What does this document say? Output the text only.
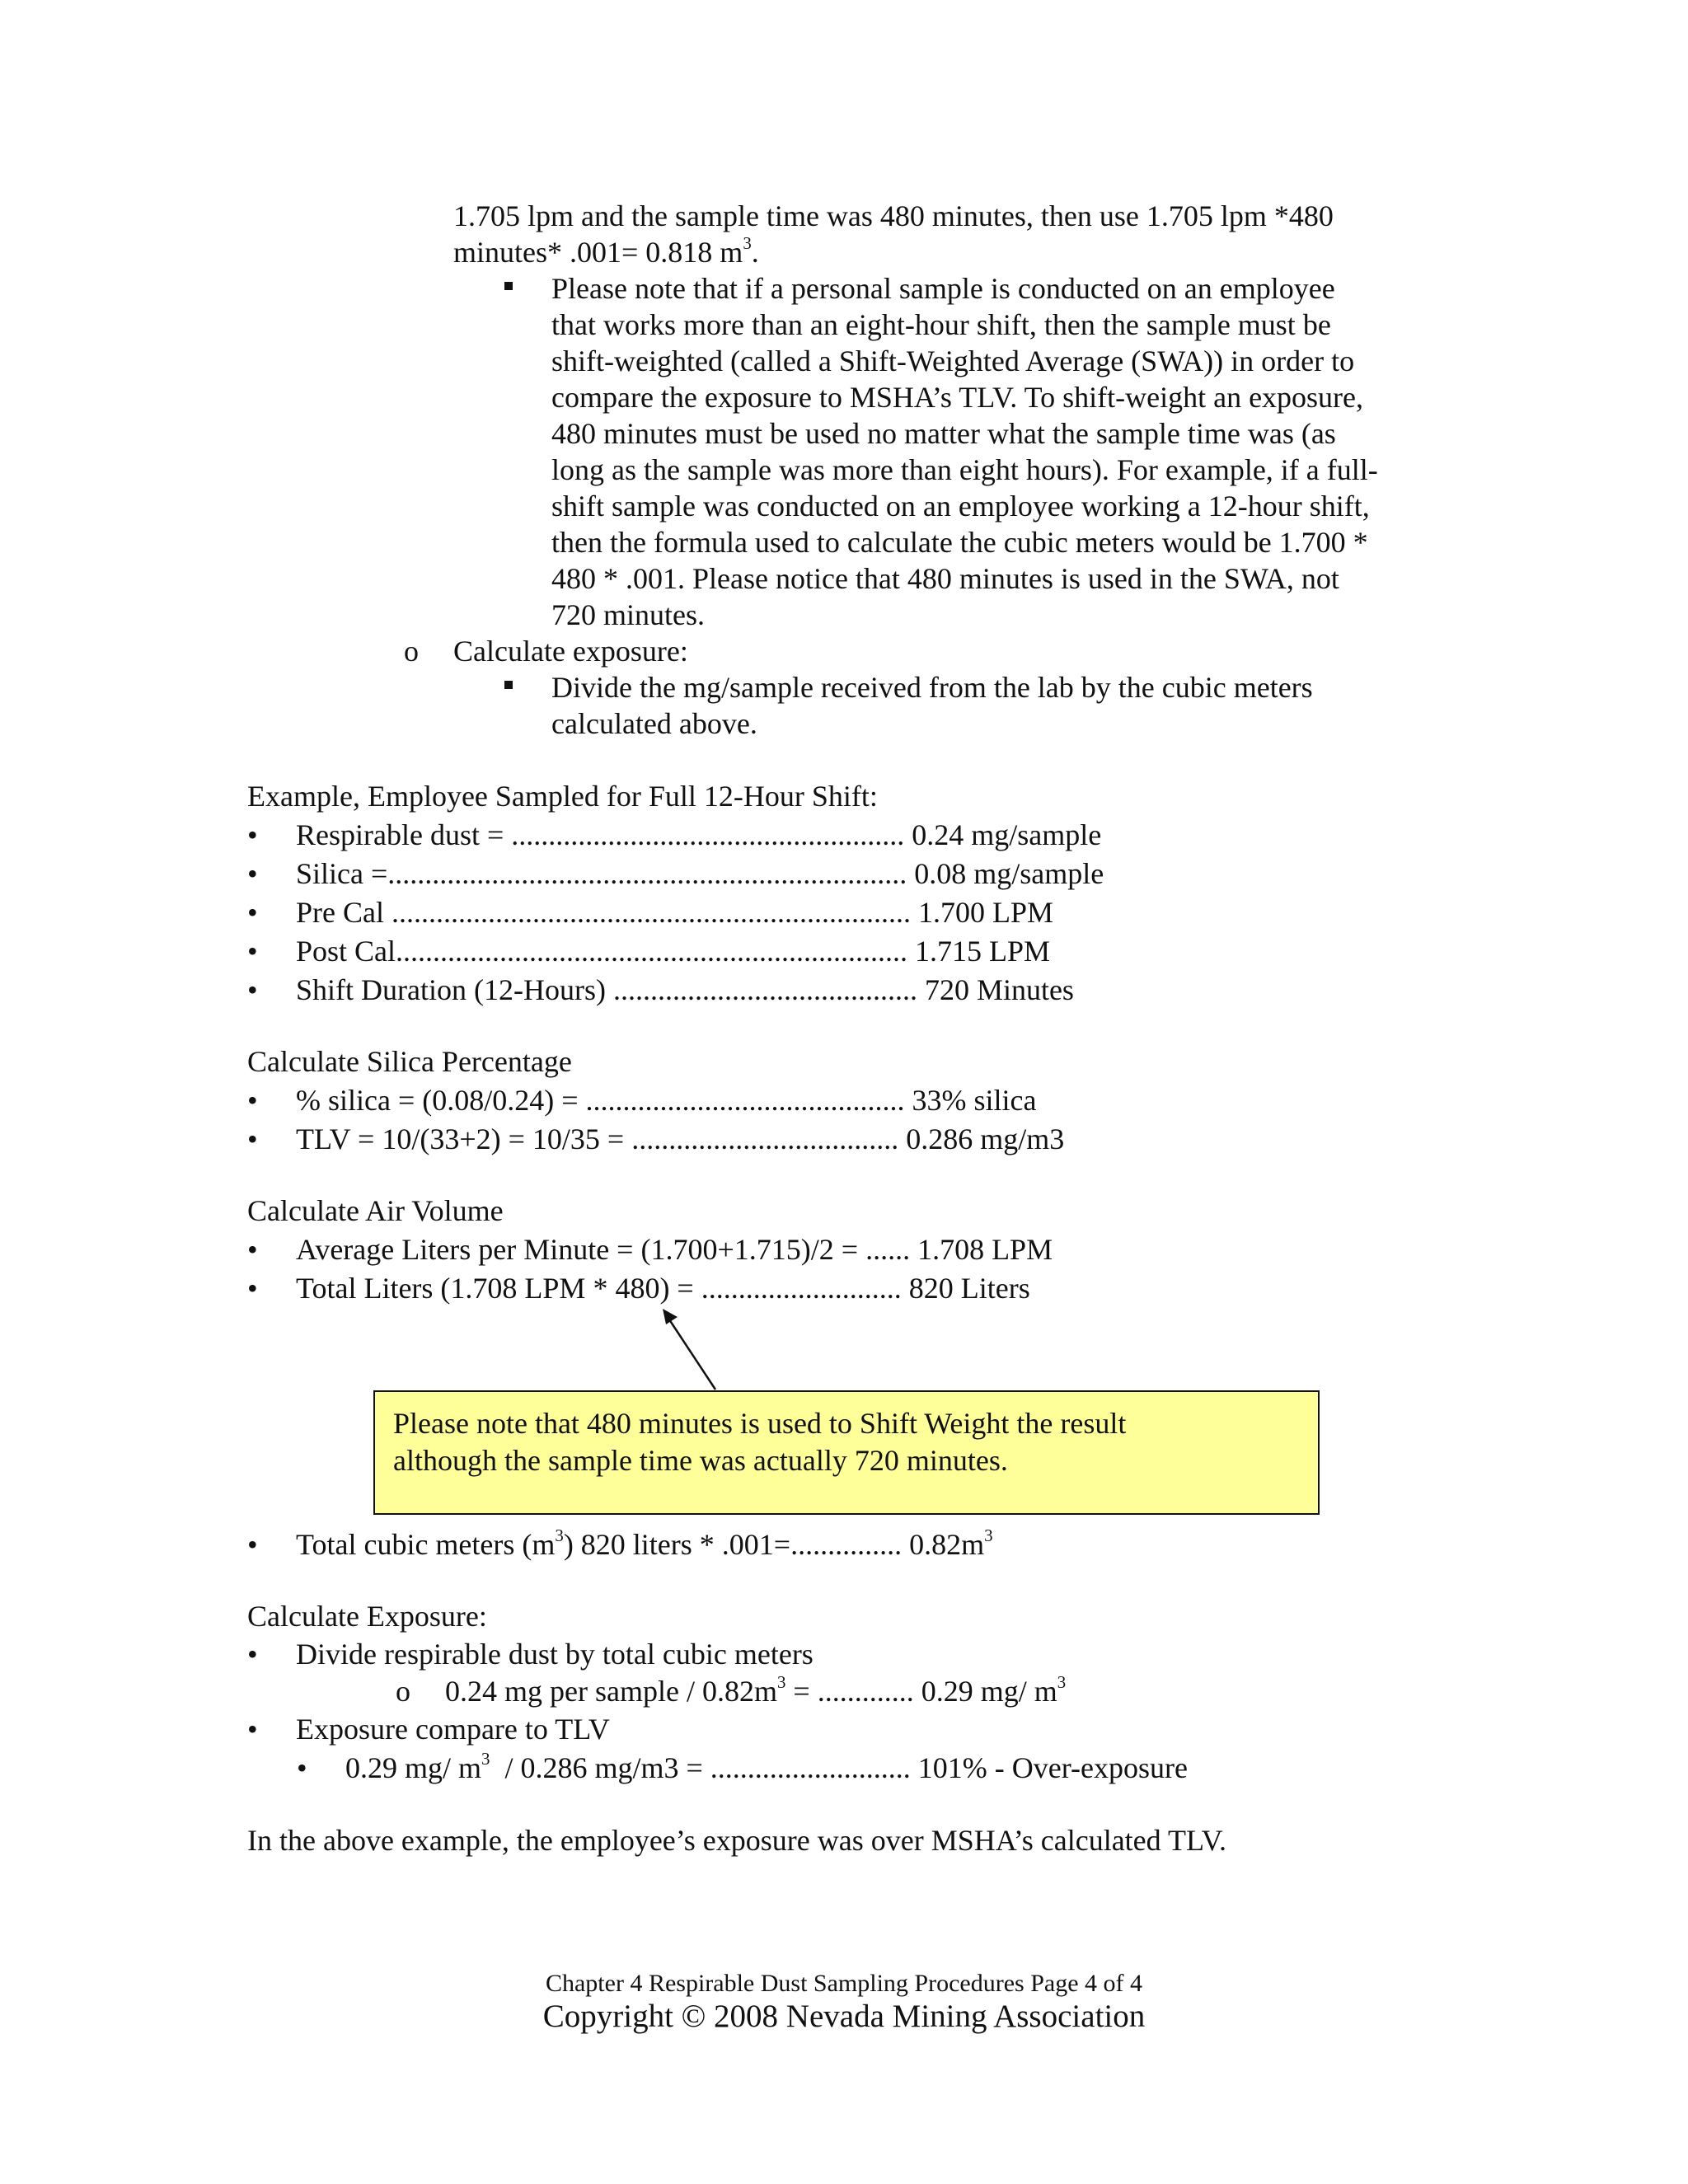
1.705 lpm and the sample time was 480 minutes, then use 1.705 lpm *480
minutes* .001= 0.818 $m^3$.
Please note that if a personal sample is conducted on an employee
that works more than an eight-hour shift, then the sample must be
shift-weighted (called a Shift-Weighted Average (SWA)) in order to
compare the exposure to MSHA’s TLV. To shift-weight an exposure,
480 minutes must be used no matter what the sample time was (as
long as the sample was more than eight hours). For example, if a full-
shift sample was conducted on an employee working a 12-hour shift,
then the formula used to calculate the cubic meters would be 1.700 *
480 * .001. Please notice that 480 minutes is used in the SWA, not
720 minutes.
o Calculate exposure:
Divide the mg/sample received from the lab by the cubic meters
calculated above.
Example, Employee Sampled for Full 12-Hour Shift:
• Respirable dust = ..................................................... 0.24 mg/sample
• Silica =...................................................................... 0.08 mg/sample
• Pre Cal ...................................................................... 1.700 LPM
• Post Cal..................................................................... 1.715 LPM
• Shift Duration (12-Hours) ......................................... 720 Minutes
Calculate Silica Percentage
• % silica = (0.08/0.24) = ........................................... 33% silica
• TLV = 10/(33+2) = 10/35 = .................................... 0.286 mg/m3
Calculate Air Volume
• Average Liters per Minute = (1.700+1.715)/2 = ...... 1.708 LPM
• Total Liters (1.708 LPM * 480) = ........................... 820 Liters
Please note that 480 minutes is used to Shift Weight the result
although the sample time was actually 720 minutes.
• Total cubic meters $(m^3)$ 820 liters * .001=............... $0.82m^3$
Calculate Exposure:
• Divide respirable dust by total cubic meters
o 0.24 mg per sample / $0.82m^3$ = ............. 0.29 mg/ $m^3$
• Exposure compare to TLV
• 0.29 mg/ $m^3 / 0.286$ mg/m3 = ........................... 101% - Over-exposure
In the above example, the employee’s exposure was over MSHA’s calculated TLV.
Chapter 4 Respirable Dust Sampling Procedures Page 4 of 4
Copyright © 2008 Nevada Mining Association
